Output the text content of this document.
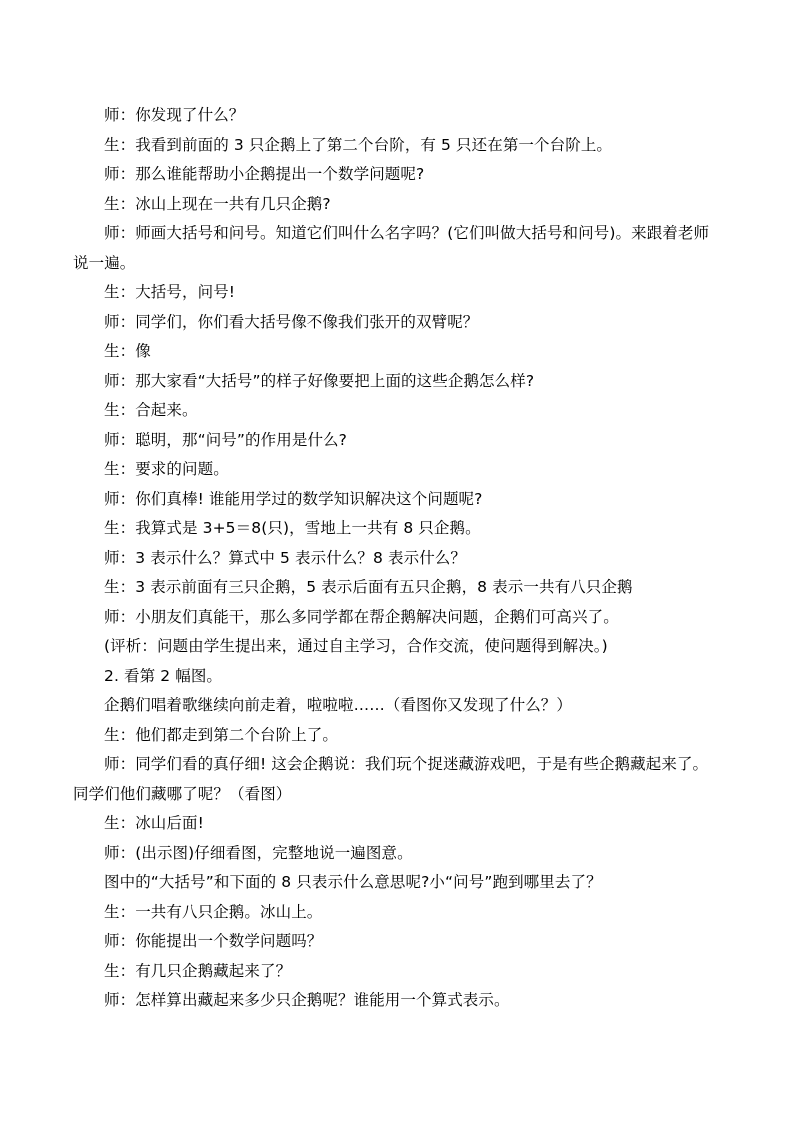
师：你发现了什么？
生：我看到前面的 3 只企鹅上了第二个台阶，有 5 只还在第一个台阶上。
师：那么谁能帮助小企鹅提出一个数学问题呢?
生：冰山上现在一共有几只企鹅?
师：师画大括号和问号。知道它们叫什么名字吗？(它们叫做大括号和问号)。来跟着老师
说一遍。
生：大括号，问号!
师：同学们，你们看大括号像不像我们张开的双臂呢？
生：像
师：那大家看“大括号”的样子好像要把上面的这些企鹅怎么样?
生：合起来。
师：聪明，那“问号”的作用是什么?
生：要求的问题。
师：你们真棒! 谁能用学过的数学知识解决这个问题呢?
生：我算式是 3+5＝8(只)，雪地上一共有 8 只企鹅。
师：3 表示什么？算式中 5 表示什么？8 表示什么？
生：3 表示前面有三只企鹅，5 表示后面有五只企鹅，8 表示一共有八只企鹅
师：小朋友们真能干，那么多同学都在帮企鹅解决问题，企鹅们可高兴了。
(评析：问题由学生提出来，通过自主学习，合作交流，使问题得到解决。)
2. 看第 2 幅图。
企鹅们唱着歌继续向前走着，啦啦啦……（看图你又发现了什么？）
生：他们都走到第二个台阶上了。
师：同学们看的真仔细! 这会企鹅说：我们玩个捉迷藏游戏吧，于是有些企鹅藏起来了。
同学们他们藏哪了呢？（看图）
生：冰山后面!
师：(出示图)仔细看图，完整地说一遍图意。
图中的“大括号”和下面的 8 只表示什么意思呢?小“问号”跑到哪里去了？
生：一共有八只企鹅。冰山上。
师：你能提出一个数学问题吗？
生：有几只企鹅藏起来了？
师：怎样算出藏起来多少只企鹅呢？谁能用一个算式表示。
